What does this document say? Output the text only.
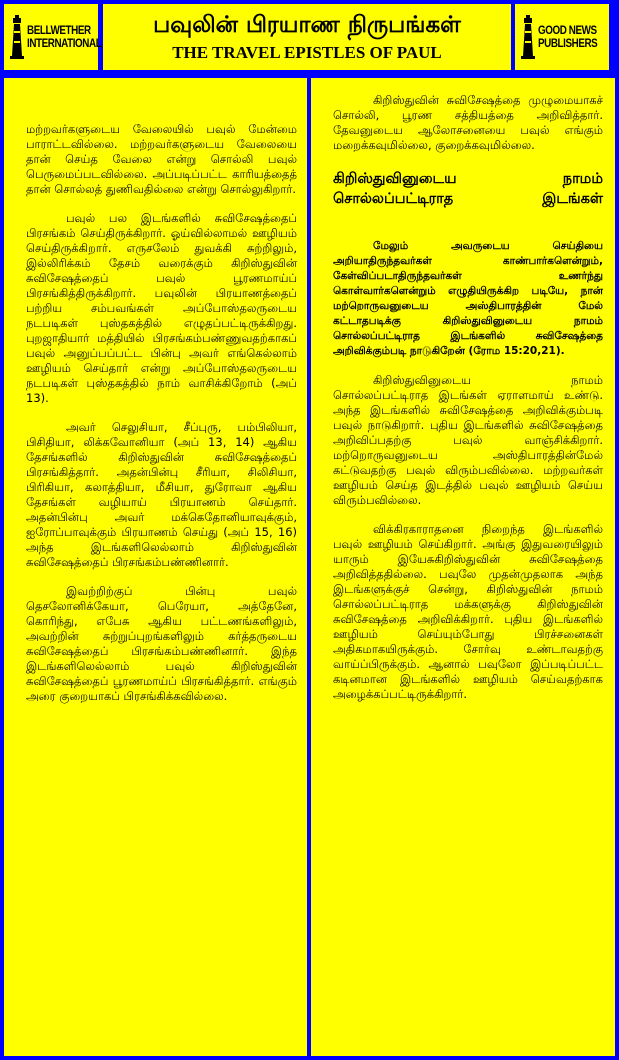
BELLWETHER
INTERNATIONAL
பவுலின் பிரயாண நிருபங்கள்
THE TRAVEL EPISTLES OF PAUL
GOOD NEWS
PUBLISHERS

மற்றவர்களுடைய வேலையில் பவுல் மேன்மை பாராட்டவில்லை. மற்றவர்களுடைய வேலையை தான் செய்த வேலை என்று சொல்லி பவுல் பெருமைப்படவில்லை. அப்படிப்பட்ட காரியத்தைத் தான் சொல்லத் துணிவதில்லை என்று சொல்லுகிறார்.

பவுல் பல இடங்களில் சுவிசேஷத்தைப் பிரசங்கம் செய்திருக்கிறார். ஓய்வில்லாமல் ஊழியம் செய்திருக்கிறார். எருசலேம் துவக்கி சுற்றிலும், இல்லிரிக்கம் தேசம் வரைக்கும் கிறிஸ்துவின் சுவிசேஷத்தைப் பவுல் பூரணமாய்ப் பிரசங்கித்திருக்கிறார். பவுலின் பிரயாணத்தைப் பற்றிய சம்பவங்கள் அப்போஸ்தலருடைய நடபடிகள் புஸ்தகத்தில் எழுதப்பட்டிருக்கிறது. புறஜாதியார் மத்தியில் பிரசங்கம்பண்ணுவதற்காகப் பவுல் அனுப்பப்பட்ட பின்பு அவர் எங்கெல்லாம் ஊழியம் செய்தார் என்று அப்போஸ்தலருடைய நடபடிகள் புஸ்தகத்தில் நாம் வாசிக்கிறோம் (அப் 13).

அவர் செலுசியா, சீப்புரு, பம்பிலியா, பிசிதியா, லிக்கவோனியா (அப் 13, 14) ஆகிய தேசங்களில் கிறிஸ்துவின் சுவிசேஷத்தைப் பிரசங்கித்தார். அதன்பின்பு சீரியா, சிலிசியா, பிரிகியா, கலாத்தியா, மீசியா, துரோவா ஆகிய தேசங்கள் வழியாய் பிரயாணம் செய்தார். அதன்பின்பு அவர் மக்கெதோனியாவுக்கும், ஐரோப்பாவுக்கும் பிரயாணம் செய்து (அப் 15, 16) அந்த இடங்களிலெல்லாம் கிறிஸ்துவின் சுவிசேஷத்தைப் பிரசங்கம்பண்ணினார்.

இவற்றிற்குப் பின்பு பவுல் தெசலோனிக்கேயா, பெரேயா, அத்தேனே, கொரிந்து, எபேசு ஆகிய பட்டணங்களிலும், அவற்றின் சுற்றுப்புறங்களிலும் கர்த்தருடைய சுவிசேஷத்தைப் பிரசங்கம்பண்ணினார். இந்த இடங்களிலெல்லாம் பவுல் கிறிஸ்துவின் சுவிசேஷத்தைப் பூரணமாய்ப் பிரசங்கித்தார். எங்கும் அரை குறையாகப் பிரசங்கிக்கவில்லை.

கிறிஸ்துவின் சுவிசேஷத்தை முழுமையாகச் சொல்லி, பூரண சத்தியத்தை அறிவித்தார். தேவனுடைய ஆலோசனையை பவுல் எங்கும் மறைக்கவுமில்லை, குறைக்கவுமில்லை.

கிறிஸ்துவினுடைய நாமம் சொல்லப்பட்டிராத இடங்கள்

மேலும் அவருடைய செய்தியை அறியாதிருந்தவர்கள் காண்பார்களென்றும், கேள்விப்படாதிருந்தவர்கள் உணர்ந்து கொள்வார்களென்றும் எழுதியிருக்கிற படியே, நான் மற்றொருவனுடைய அஸ்திபாரத்தின் மேல் கட்டாதபடிக்கு கிறிஸ்துவினுடைய நாமம் சொல்லப்பட்டிராத இடங்களில் சுவிசேஷத்தை அறிவிக்கும்படி நாடுகிறேன் (ரோம 15:20,21).

கிறிஸ்துவினுடைய நாமம் சொல்லப்பட்டிராத இடங்கள் ஏராளமாய் உண்டு. அந்த இடங்களில் சுவிசேஷத்தை அறிவிக்கும்படி பவுல் நாடுகிறார். புதிய இடங்களில் சுவிசேஷத்தை அறிவிப்பதற்கு பவுல் வாஞ்சிக்கிறார். மற்றொருவனுடைய அஸ்திபாரத்தின்மேல் கட்டுவதற்கு பவுல் விரும்பவில்லை. மற்றவர்கள் ஊழியம் செய்த இடத்தில் பவுல் ஊழியம் செய்ய விரும்பவில்லை.

விக்கிரகாராதனை நிறைந்த இடங்களில் பவுல் ஊழியம் செய்கிறார். அங்கு இதுவரையிலும் யாரும் இயேசுகிறிஸ்துவின் சுவிசேஷத்தை அறிவித்ததில்லை. பவுலே முதன்முதலாக அந்த இடங்களுக்குச் சென்று, கிறிஸ்துவின் நாமம் சொல்லப்பட்டிராத மக்களுக்கு கிறிஸ்துவின் சுவிசேஷத்தை அறிவிக்கிறார். புதிய இடங்களில் ஊழியம் செய்யும்போது பிரச்சனைகள் அதிகமாகயிருக்கும். சோர்வு உண்டாவதற்கு வாய்ப்பிருக்கும். ஆனால் பவுலோ இப்படிப்பட்ட கடினமான இடங்களில் ஊழியம் செய்வதற்காக அழைக்கப்பட்டிருக்கிறார்.
